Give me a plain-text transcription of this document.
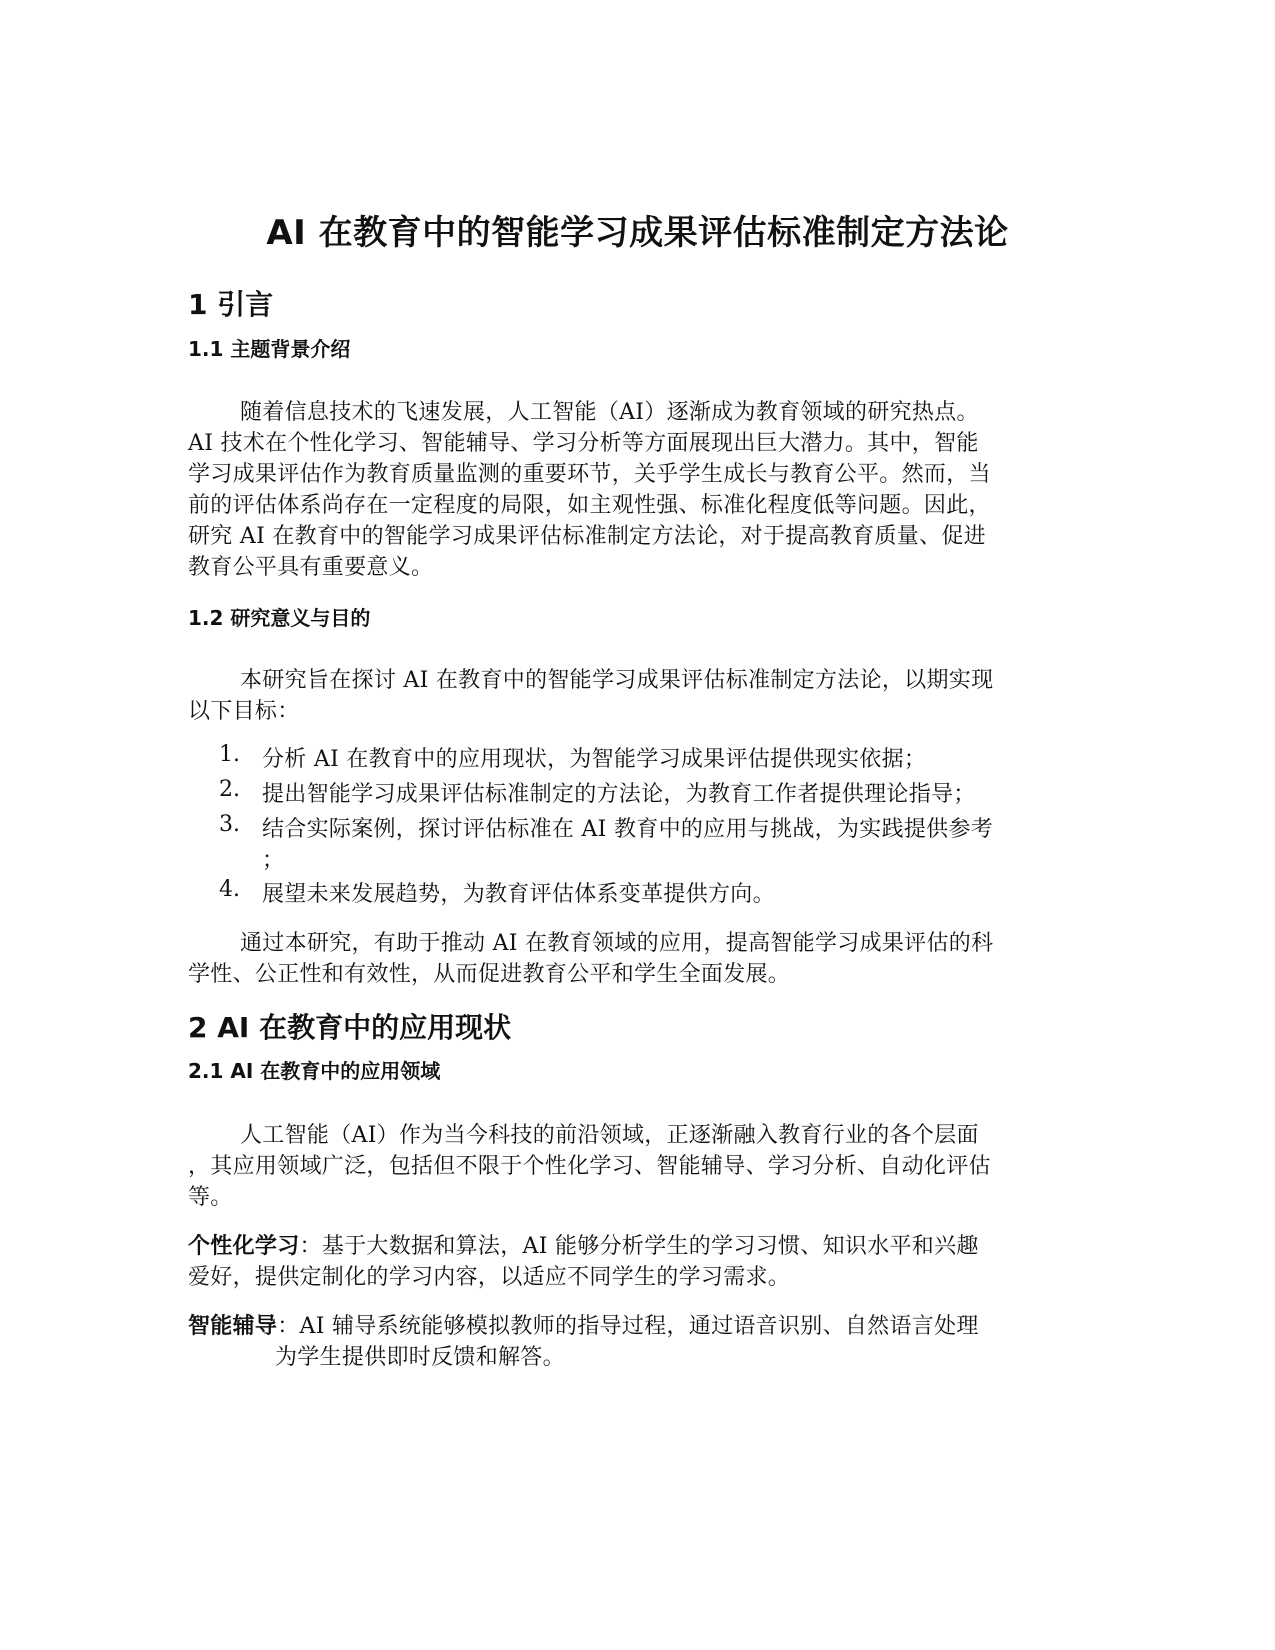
AI 在教育中的智能学习成果评估标准制定方法论
1 引言
1.1 主题背景介绍
随着信息技术的飞速发展，人工智能（AI）逐渐成为教育领域的研究热点。
AI 技术在个性化学习、智能辅导、学习分析等方面展现出巨大潜力。其中，智能
学习成果评估作为教育质量监测的重要环节，关乎学生成长与教育公平。然而，当
前的评估体系尚存在一定程度的局限，如主观性强、标准化程度低等问题。因此，
研究 AI 在教育中的智能学习成果评估标准制定方法论，对于提高教育质量、促进
教育公平具有重要意义。
1.2 研究意义与目的
本研究旨在探讨 AI 在教育中的智能学习成果评估标准制定方法论，以期实现
以下目标：
1. 分析 AI 在教育中的应用现状，为智能学习成果评估提供现实依据；
2. 提出智能学习成果评估标准制定的方法论，为教育工作者提供理论指导；
3. 结合实际案例，探讨评估标准在 AI 教育中的应用与挑战，为实践提供参考
；
4. 展望未来发展趋势，为教育评估体系变革提供方向。
通过本研究，有助于推动 AI 在教育领域的应用，提高智能学习成果评估的科
学性、公正性和有效性，从而促进教育公平和学生全面发展。
2 AI 在教育中的应用现状
2.1 AI 在教育中的应用领域
人工智能（AI）作为当今科技的前沿领域，正逐渐融入教育行业的各个层面
，其应用领域广泛，包括但不限于个性化学习、智能辅导、学习分析、自动化评估
等。
个性化学习：基于大数据和算法，AI 能够分析学生的学习习惯、知识水平和兴趣
爱好，提供定制化的学习内容，以适应不同学生的学习需求。
智能辅导：AI 辅导系统能够模拟教师的指导过程，通过语音识别、自然语言处理
为学生提供即时反馈和解答。
